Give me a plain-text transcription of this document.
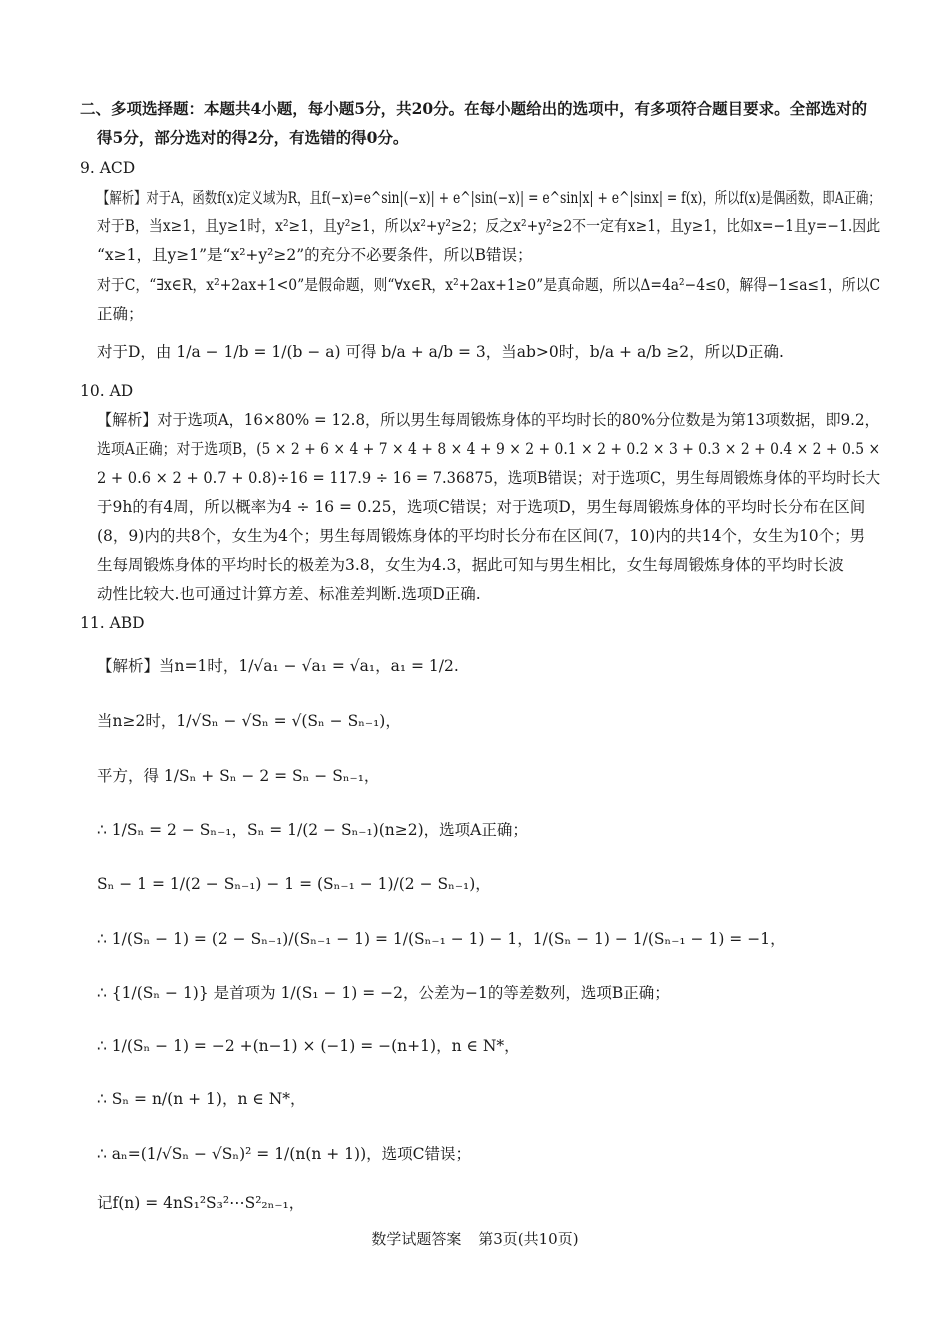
二、多项选择题：本题共4小题，每小题5分，共20分。在每小题给出的选项中，有多项符合题目要求。全部选对的
得5分，部分选对的得2分，有选错的得0分。
9. ACD
【解析】对于A，函数f(x)定义域为R，且f(−x)=e^sin|(−x)| + e^|sin(−x)| = e^sin|x| + e^|sinx| = f(x)，所以f(x)是偶函数，即A正确；
对于B，当x≥1，且y≥1时，x²≥1，且y²≥1，所以x²+y²≥2；反之x²+y²≥2不一定有x≥1，且y≥1，比如x=−1且y=−1.因此
“x≥1，且y≥1”是“x²+y²≥2”的充分不必要条件，所以B错误；
对于C，“∃x∈R，x²+2ax+1<0”是假命题，则“∀x∈R，x²+2ax+1≥0”是真命题，所以Δ=4a²−4≤0，解得−1≤a≤1，所以C
正确；
对于D，由 1/a − 1/b = 1/(b − a) 可得 b/a + a/b = 3，当ab>0时，b/a + a/b ≥2，所以D正确.
10. AD
【解析】对于选项A，16×80% = 12.8，所以男生每周锻炼身体的平均时长的80%分位数是为第13项数据，即9.2，
选项A正确；对于选项B，(5 × 2 + 6 × 4 + 7 × 4 + 8 × 4 + 9 × 2 + 0.1 × 2 + 0.2 × 3 + 0.3 × 2 + 0.4 × 2 + 0.5 ×
2 + 0.6 × 2 + 0.7 + 0.8)÷16 = 117.9 ÷ 16 = 7.36875，选项B错误；对于选项C，男生每周锻炼身体的平均时长大
于9h的有4周，所以概率为4 ÷ 16 = 0.25，选项C错误；对于选项D，男生每周锻炼身体的平均时长分布在区间
(8，9)内的共8个，女生为4个；男生每周锻炼身体的平均时长分布在区间(7，10)内的共14个，女生为10个；男
生每周锻炼身体的平均时长的极差为3.8，女生为4.3，据此可知与男生相比，女生每周锻炼身体的平均时长波
动性比较大.也可通过计算方差、标准差判断.选项D正确.
11. ABD
【解析】当n=1时，1/√a₁ − √a₁ = √a₁，a₁ = 1/2.
当n≥2时，1/√Sₙ − √Sₙ = √(Sₙ − Sₙ₋₁)，
平方，得 1/Sₙ + Sₙ − 2 = Sₙ − Sₙ₋₁，
∴ 1/Sₙ = 2 − Sₙ₋₁，Sₙ = 1/(2 − Sₙ₋₁)(n≥2)，选项A正确；
Sₙ − 1 = 1/(2 − Sₙ₋₁) − 1 = (Sₙ₋₁ − 1)/(2 − Sₙ₋₁)，
∴ 1/(Sₙ − 1) = (2 − Sₙ₋₁)/(Sₙ₋₁ − 1) = 1/(Sₙ₋₁ − 1) − 1，1/(Sₙ − 1) − 1/(Sₙ₋₁ − 1) = −1，
∴ {1/(Sₙ − 1)} 是首项为 1/(S₁ − 1) = −2，公差为−1的等差数列，选项B正确；
∴ 1/(Sₙ − 1) = −2 +(n−1) × (−1) = −(n+1)，n ∈ N*，
∴ Sₙ = n/(n + 1)，n ∈ N*，
∴ aₙ=(1/√Sₙ − √Sₙ)² = 1/(n(n + 1))，选项C错误；
记f(n) = 4nS₁²S₃²⋯S²₂ₙ₋₁，
数学试题答案 第3页(共10页)
